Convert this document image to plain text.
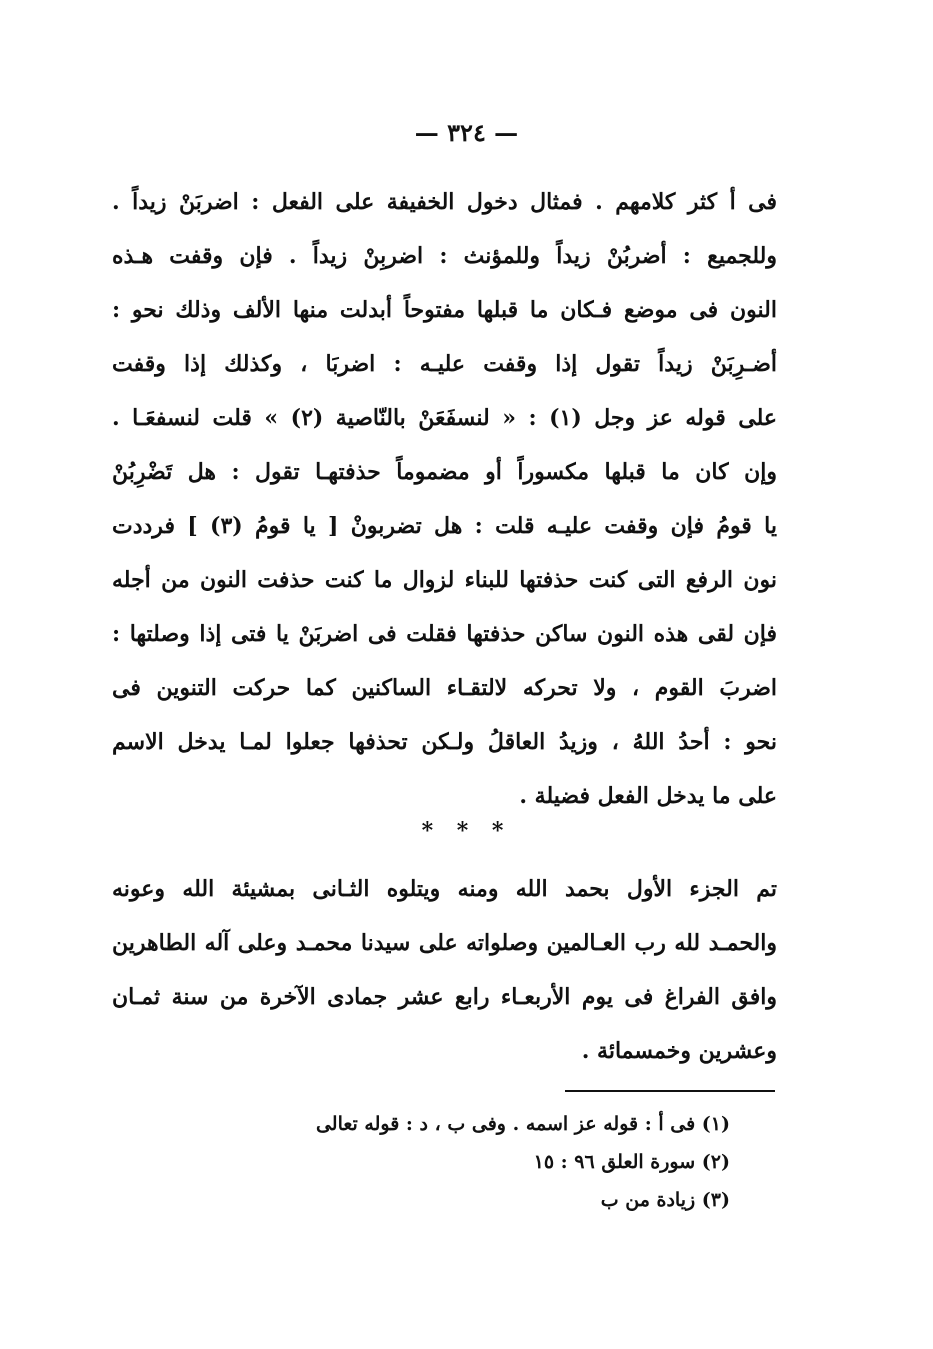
— ٣٢٤ —
فى أ كثر كلامهم . فمثال دخول الخفيفة على الفعل : اضربَنْ زيداً .
وللجميع : أضربُنْ زيداً وللمؤنث : اضربِنْ زيداً . فإن وقفت هـذه
النون فى موضع فـكان ما قبلها مفتوحاً أبدلت منها الألف وذلك نحو :
أضـرِبَنْ زيداً تقول إذا وقفت عليـه : اضربَا ، وكذلك إذا وقفت
على قوله عز وجل (١) : « لنسفَعَنْ بالنّاصية (٢) » قلت لنسفعَـا .
وإن كان ما قبلها مكسوراً أو مضموماً حذفتهـا تقول : هل تَضْرِبُنْ
يا قومُ فإن وقفت عليـه قلت : هل تضربونْ [ يا قومُ (٣) ] فرددت
نون الرفع التى كنت حذفتها للبناء لزوال ما كنت حذفت النون من أجله
فإن لقى هذه النون ساكن حذفتها فقلت فى اضربَنْ يا فتى إذا وصلتها :
اضربَ القوم ، ولا تحركه لالتقـاء الساكنين كما حركت التنوين فى
نحو : أحدُ اللهُ ، وزيدُ العاقلُ ولـكن تحذفها جعلوا لمـا يدخل الاسم
على ما يدخل الفعل فضيلة .
* * *
تم الجزء الأول بحمد الله ومنه ويتلوه الثـانى بمشيئة الله وعونه
والحمـد لله رب العـالمين وصلواته على سيدنا محمـد وعلى آله الطاهرين
وافق الفراغ فى يوم الأربعـاء رابع عشر جمادى الآخرة من سنة ثمـان
وعشرين وخمسمائة .
(١) فى أ : قوله عز اسمه . وفى ب ، د : قوله تعالى
(٢) سورة العلق ٩٦ : ١٥
(٣) زيادة من ب
